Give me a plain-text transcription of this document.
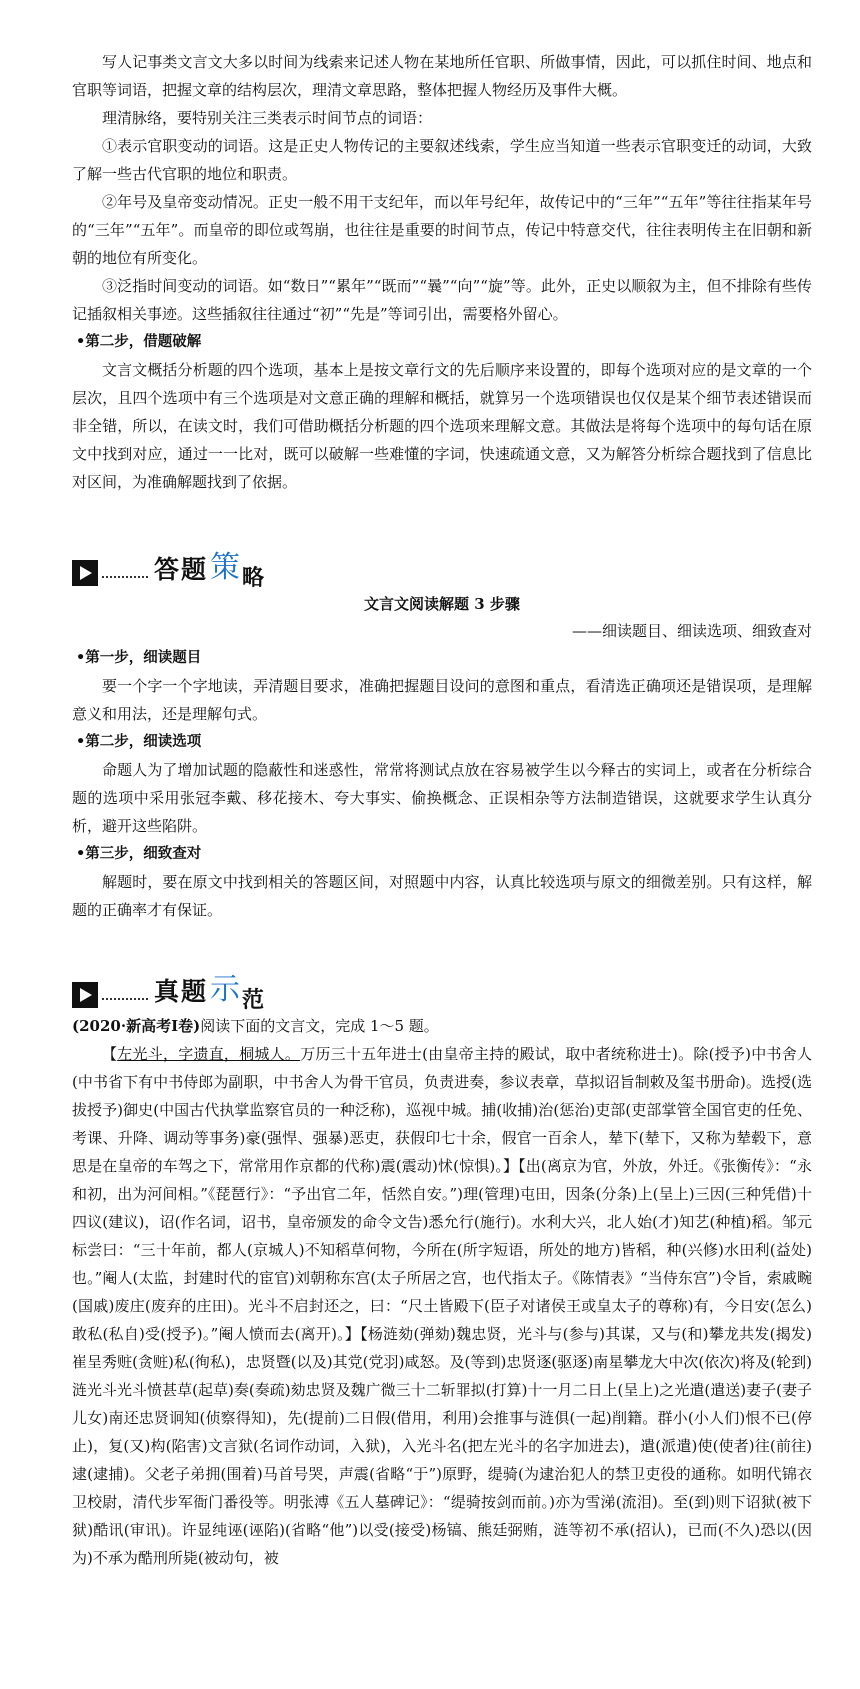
写人记事类文言文大多以时间为线索来记述人物在某地所任官职、所做事情，因此，可以抓住时间、地点和官职等词语，把握文章的结构层次，理清文章思路，整体把握人物经历及事件大概。

理清脉络，要特别关注三类表示时间节点的词语：

①表示官职变动的词语。这是正史人物传记的主要叙述线索，学生应当知道一些表示官职变迁的动词，大致了解一些古代官职的地位和职责。

②年号及皇帝变动情况。正史一般不用干支纪年，而以年号纪年，故传记中的“三年”“五年”等往往指某年号的“三年”“五年”。而皇帝的即位或驾崩，也往往是重要的时间节点，传记中特意交代，往往表明传主在旧朝和新朝的地位有所变化。

③泛指时间变动的词语。如“数日”“累年”“既而”“曩”“向”“旋”等。此外，正史以顺叙为主，但不排除有些传记插叙相关事迹。这些插叙往往通过“初”“先是”等词引出，需要格外留心。

•第二步，借题破解

文言文概括分析题的四个选项，基本上是按文章行文的先后顺序来设置的，即每个选项对应的是文章的一个层次，且四个选项中有三个选项是对文意正确的理解和概括，就算另一个选项错误也仅仅是某个细节表述错误而非全错，所以，在读文时，我们可借助概括分析题的四个选项来理解文意。其做法是将每个选项中的每句话在原文中找到对应，通过一一比对，既可以破解一些难懂的字词，快速疏通文意，又为解答分析综合题找到了信息比对区间，为准确解题找到了依据。

答题 策 略

文言文阅读解题 3 步骤

——细读题目、细读选项、细致查对

•第一步，细读题目

要一个字一个字地读，弄清题目要求，准确把握题目设问的意图和重点，看清选正确项还是错误项，是理解意义和用法，还是理解句式。

•第二步，细读选项

命题人为了增加试题的隐蔽性和迷惑性，常常将测试点放在容易被学生以今释古的实词上，或者在分析综合题的选项中采用张冠李戴、移花接木、夸大事实、偷换概念、正误相杂等方法制造错误，这就要求学生认真分析，避开这些陷阱。

•第三步，细致查对

解题时，要在原文中找到相关的答题区间，对照题中内容，认真比较选项与原文的细微差别。只有这样，解题的正确率才有保证。

真题 示 范

(2020·新高考Ⅰ卷)阅读下面的文言文，完成 1～5 题。

【左光斗，字遗直，桐城人。万历三十五年进士(由皇帝主持的殿试，取中者统称进士)。除(授予)中书舍人(中书省下有中书侍郎为副职，中书舍人为骨干官员，负责进奏，参议表章，草拟诏旨制敕及玺书册命)。选授(选拔授予)御史(中国古代执掌监察官员的一种泛称)，巡视中城。捕(收捕)治(惩治)吏部(吏部掌管全国官吏的任免、考课、升降、调动等事务)豪(强悍、强暴)恶吏，获假印七十余，假官一百余人，辇下(辇下，又称为辇毂下，意思是在皇帝的车驾之下，常常用作京都的代称)震(震动)怵(惊惧)。】【出(离京为官，外放，外迁。《张衡传》：“永和初，出为河间相。”《琵琶行》：“予出官二年，恬然自安。”)理(管理)屯田，因条(分条)上(呈上)三因(三种凭借)十四议(建议)，诏(作名词，诏书，皇帝颁发的命令文告)悉允行(施行)。水利大兴，北人始(才)知艺(种植)稻。邹元标尝曰：“三十年前，都人(京城人)不知稻草何物，今所在(所字短语，所处的地方)皆稻，种(兴修)水田利(益处)也。”阉人(太监，封建时代的宦官)刘朝称东宫(太子所居之宫，也代指太子。《陈情表》“当侍东宫”)令旨，索戚畹(国戚)废庄(废弃的庄田)。光斗不启封还之，曰：“尺土皆殿下(臣子对诸侯王或皇太子的尊称)有，今日安(怎么)敢私(私自)受(授予)。”阉人愤而去(离开)。】【杨涟劾(弹劾)魏忠贤，光斗与(参与)其谋，又与(和)攀龙共发(揭发)崔呈秀赃(贪赃)私(徇私)，忠贤暨(以及)其党(党羽)咸怒。及(等到)忠贤逐(驱逐)南星攀龙大中次(依次)将及(轮到)涟光斗光斗愤甚草(起草)奏(奏疏)劾忠贤及魏广微三十二斩罪拟(打算)十一月二日上(呈上)之光遣(遣送)妻子(妻子儿女)南还忠贤诇知(侦察得知)，先(提前)二日假(借用，利用)会推事与涟俱(一起)削籍。群小(小人们)恨不已(停止)，复(又)构(陷害)文言狱(名词作动词，入狱)，入光斗名(把左光斗的名字加进去)，遣(派遣)使(使者)往(前往)逮(逮捕)。父老子弟拥(围着)马首号哭，声震(省略“于”)原野，缇骑(为逮治犯人的禁卫吏役的通称。如明代锦衣卫校尉，清代步军衙门番役等。明张溥《五人墓碑记》：“缇骑按剑而前。)亦为雪涕(流泪)。至(到)则下诏狱(被下狱)酷讯(审讯)。许显纯诬(诬陷)(省略“他”)以受(接受)杨镐、熊廷弼贿，涟等初不承(招认)，已而(不久)恐以(因为)不承为酷刑所毙(被动句，被
